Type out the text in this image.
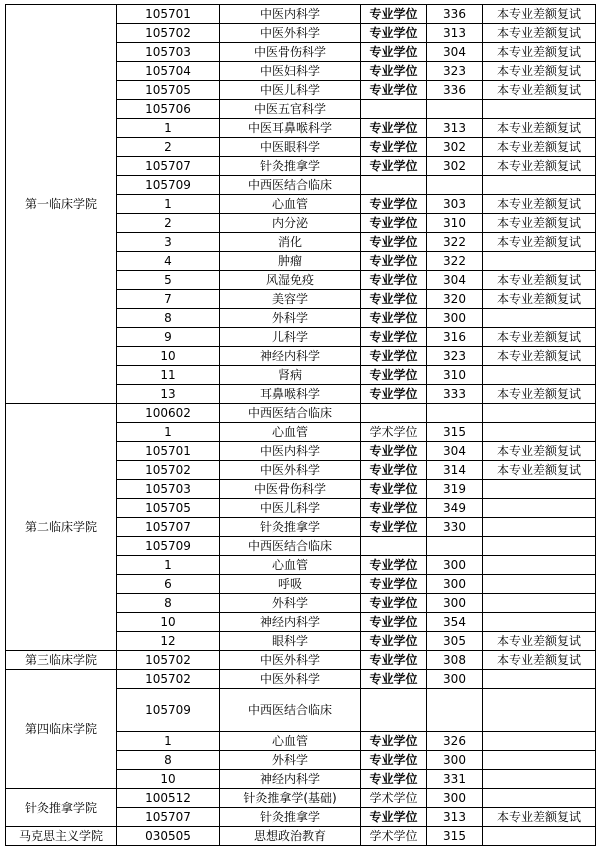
第一临床学院	105701	中医内科学	专业学位	336	本专业差额复试
	105702	中医外科学	专业学位	313	本专业差额复试
	105703	中医骨伤科学	专业学位	304	本专业差额复试
	105704	中医妇科学	专业学位	323	本专业差额复试
	105705	中医儿科学	专业学位	336	本专业差额复试
	105706	中医五官科学			
	1	中医耳鼻喉科学	专业学位	313	本专业差额复试
	2	中医眼科学	专业学位	302	本专业差额复试
	105707	针灸推拿学	专业学位	302	本专业差额复试
	105709	中西医结合临床			
	1	心血管	专业学位	303	本专业差额复试
	2	内分泌	专业学位	310	本专业差额复试
	3	消化	专业学位	322	本专业差额复试
	4	肿瘤	专业学位	322	
	5	风湿免疫	专业学位	304	本专业差额复试
	7	美容学	专业学位	320	本专业差额复试
	8	外科学	专业学位	300	
	9	儿科学	专业学位	316	本专业差额复试
	10	神经内科学	专业学位	323	本专业差额复试
	11	肾病	专业学位	310	
	13	耳鼻喉科学	专业学位	333	本专业差额复试
第二临床学院	100602	中西医结合临床			
	1	心血管	学术学位	315	
	105701	中医内科学	专业学位	304	本专业差额复试
	105702	中医外科学	专业学位	314	本专业差额复试
	105703	中医骨伤科学	专业学位	319	
	105705	中医儿科学	专业学位	349	
	105707	针灸推拿学	专业学位	330	
	105709	中西医结合临床			
	1	心血管	专业学位	300	
	6	呼吸	专业学位	300	
	8	外科学	专业学位	300	
	10	神经内科学	专业学位	354	
	12	眼科学	专业学位	305	本专业差额复试
第三临床学院	105702	中医外科学	专业学位	308	本专业差额复试
第四临床学院	105702	中医外科学	专业学位	300	
	105709	中西医结合临床			
	1	心血管	专业学位	326	
	8	外科学	专业学位	300	
	10	神经内科学	专业学位	331	
针灸推拿学院	100512	针灸推拿学(基础)	学术学位	300	
	105707	针灸推拿学	专业学位	313	本专业差额复试
马克思主义学院	030505	思想政治教育	学术学位	315	
